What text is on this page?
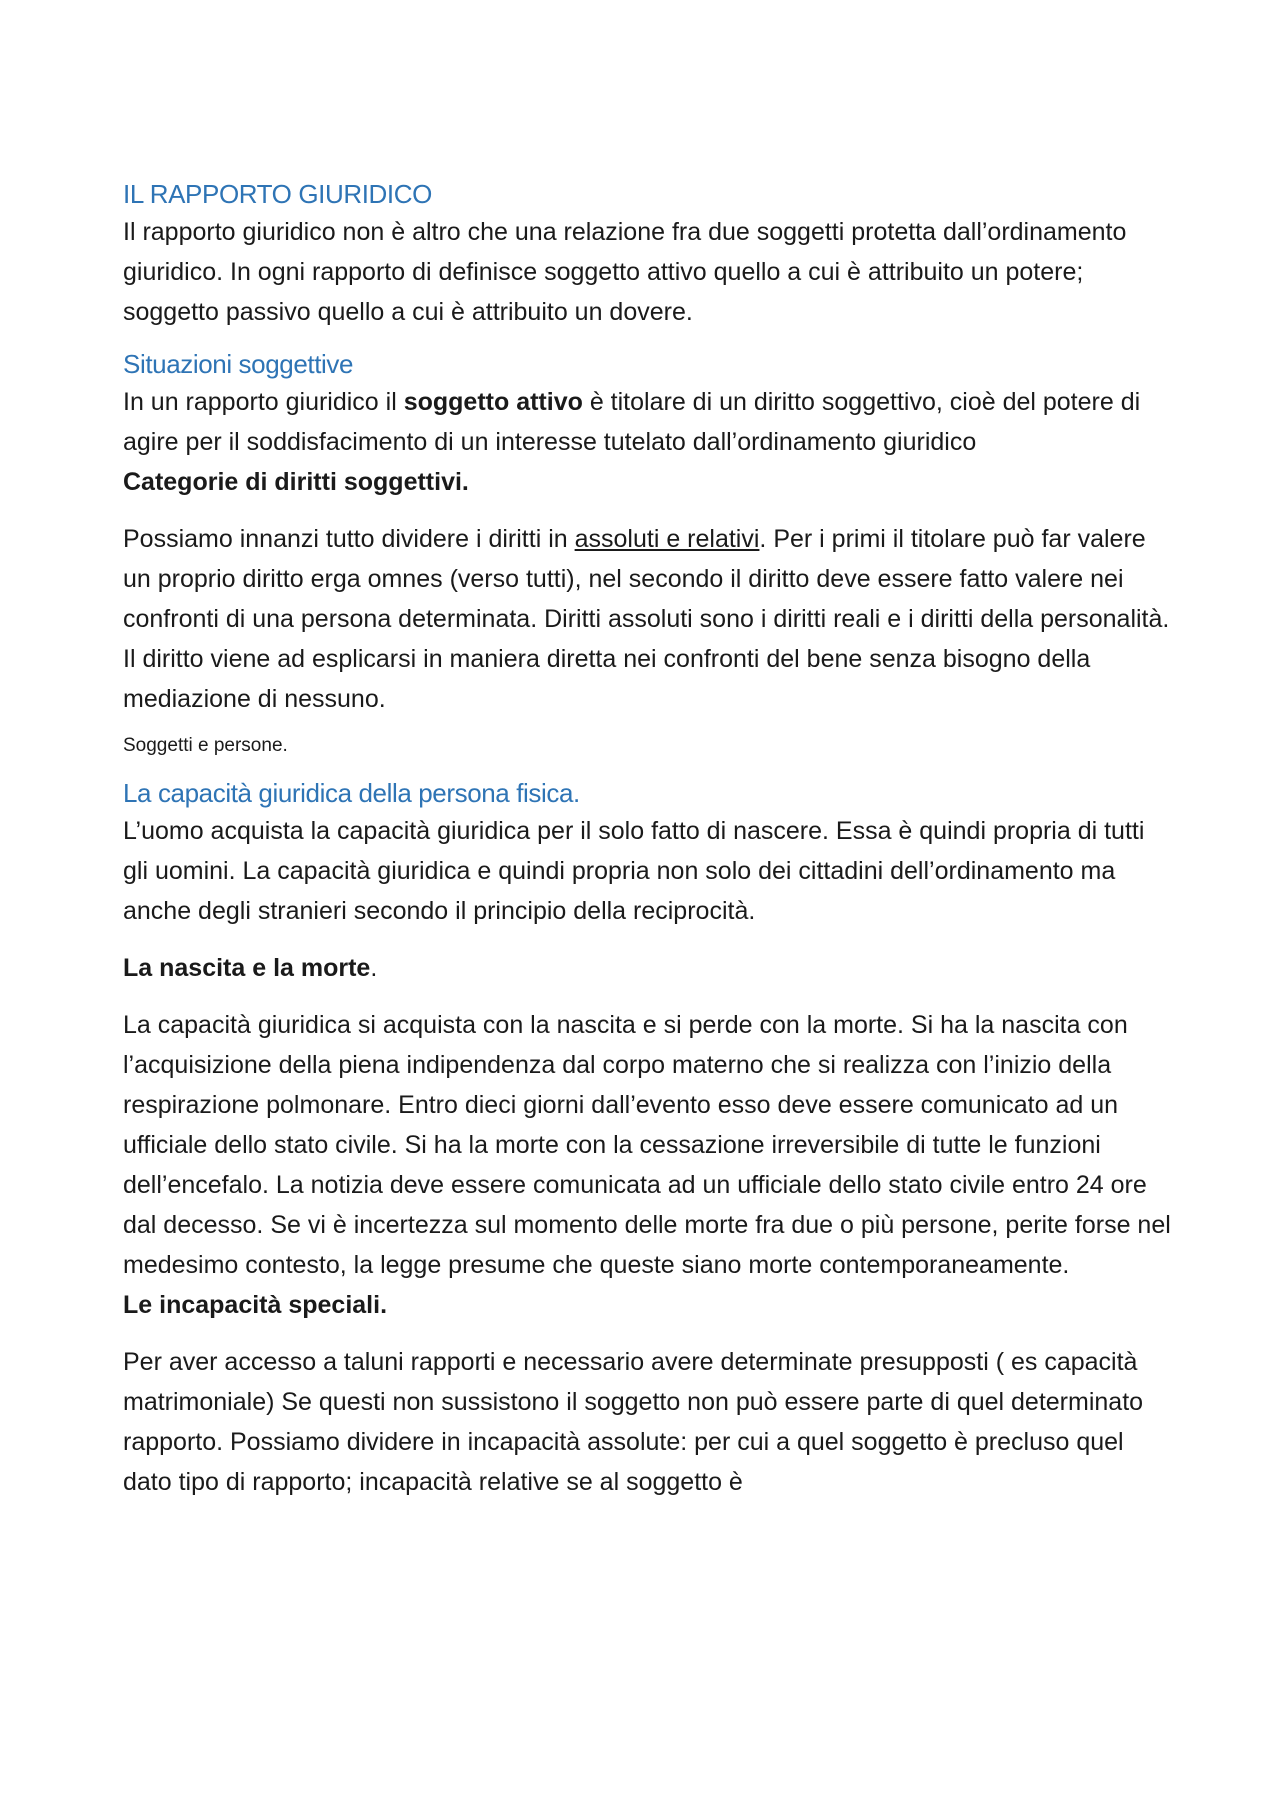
IL RAPPORTO GIURIDICO

Il rapporto giuridico non è altro che una relazione fra due soggetti protetta dall’ordinamento giuridico. In ogni rapporto di definisce soggetto attivo quello a cui è attribuito un potere; soggetto passivo quello a cui è attribuito un dovere.

Situazioni soggettive

In un rapporto giuridico il soggetto attivo è titolare di un diritto soggettivo, cioè del potere di agire per il soddisfacimento di un interesse tutelato dall’ordinamento giuridico

Categorie di diritti soggettivi.

Possiamo innanzi tutto dividere i diritti in assoluti e relativi. Per i primi il titolare può far valere un proprio diritto erga omnes (verso tutti), nel secondo il diritto deve essere fatto valere nei confronti di una persona determinata. Diritti assoluti sono i diritti reali e i diritti della personalità. Il diritto viene ad esplicarsi in maniera diretta nei confronti del bene senza bisogno della mediazione di nessuno.

Soggetti e persone.

La capacità giuridica della persona fisica.

L’uomo acquista la capacità giuridica per il solo fatto di nascere. Essa è quindi propria di tutti gli uomini. La capacità giuridica e quindi propria non solo dei cittadini dell’ordinamento ma anche degli stranieri secondo il principio della reciprocità.

La nascita e la morte.

La capacità giuridica si acquista con la nascita e si perde con la morte. Si ha la nascita con l’acquisizione della piena indipendenza dal corpo materno che si realizza con l’inizio della respirazione polmonare. Entro dieci giorni dall’evento esso deve essere comunicato ad un ufficiale dello stato civile. Si ha la morte con la cessazione irreversibile di tutte le funzioni dell’encefalo. La notizia deve essere comunicata ad un ufficiale dello stato civile entro 24 ore dal decesso. Se vi è incertezza sul momento delle morte fra due o più persone, perite forse nel medesimo contesto, la legge presume che queste siano morte contemporaneamente.

Le incapacità speciali.

Per aver accesso a taluni rapporti e necessario avere determinate presupposti ( es capacità matrimoniale) Se questi non sussistono il soggetto non può essere parte di quel determinato rapporto. Possiamo dividere in incapacità assolute: per cui a quel soggetto è precluso quel dato tipo di rapporto; incapacità relative se al soggetto è
